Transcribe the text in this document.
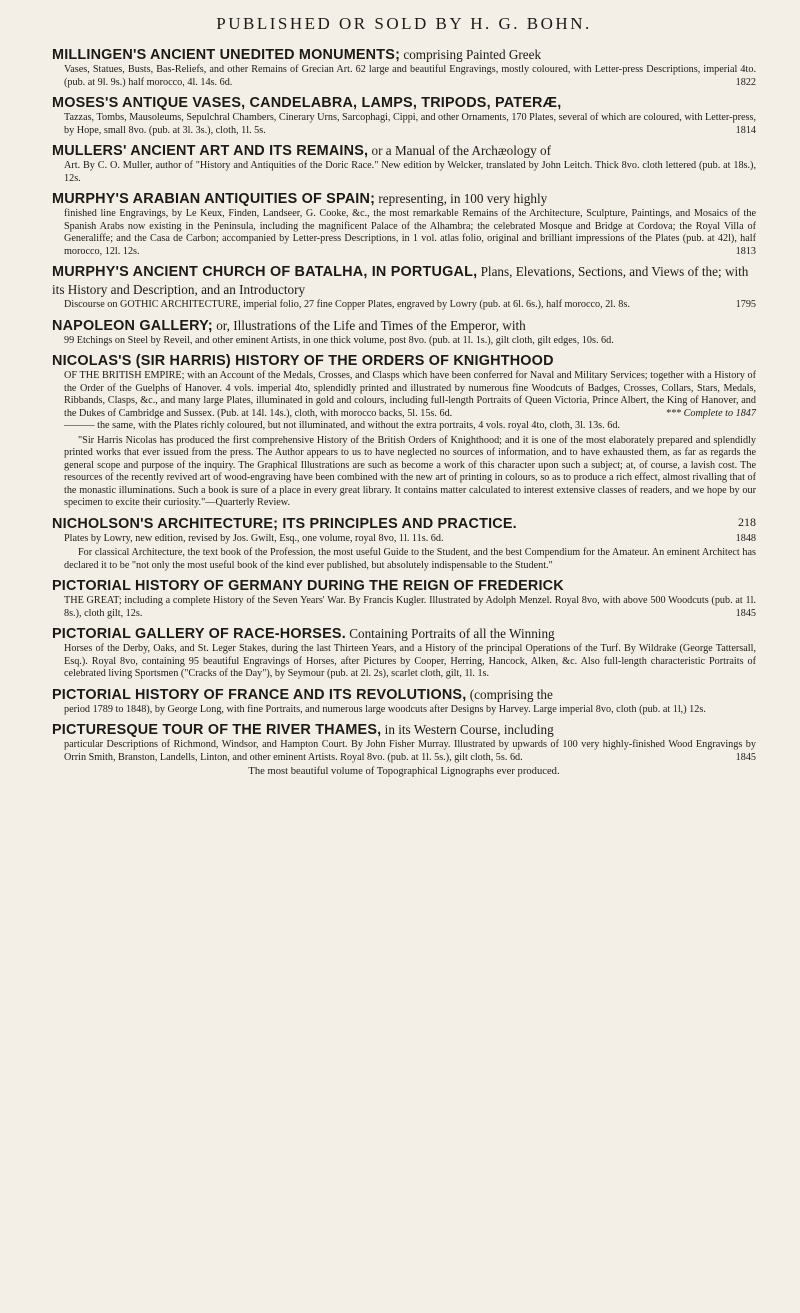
PUBLISHED OR SOLD BY H. G. BOHN.
MILLINGEN'S ANCIENT UNEDITED MONUMENTS; comprising Painted Greek

Vases, Statues, Busts, Bas-Reliefs, and other Remains of Grecian Art. 62 large and beautiful Engravings, mostly coloured, with Letter-press Descriptions, imperial 4to. (pub. at 9l. 9s.) half morocco, 4l. 14s. 6d.	1822

MOSES'S ANTIQUE VASES, CANDELABRA, LAMPS, TRIPODS, PATERÆ,

Tazzas, Tombs, Mausoleums, Sepulchral Chambers, Cinerary Urns, Sarcophagi, Cippi, and other Ornaments, 170 Plates, several of which are coloured, with Letter-press, by Hope, small 8vo. (pub. at 3l. 3s.), cloth, 1l. 5s.	1814

MULLERS' ANCIENT ART AND ITS REMAINS, or a Manual of the Archæology of

Art. By C. O. Muller, author of "History and Antiquities of the Doric Race." New edition by Welcker, translated by John Leitch. Thick 8vo. cloth lettered (pub. at 18s.), 12s.

MURPHY'S ARABIAN ANTIQUITIES OF SPAIN; representing, in 100 very highly

finished line Engravings, by Le Keux, Finden, Landseer, G. Cooke, &c., the most remarkable Remains of the Architecture, Sculpture, Paintings, and Mosaics of the Spanish Arabs now existing in the Peninsula, including the magnificent Palace of the Alhambra; the celebrated Mosque and Bridge at Cordova; the Royal Villa of Generaliffe; and the Casa de Carbon; accompanied by Letter-press Descriptions, in 1 vol. atlas folio, original and brilliant impressions of the Plates (pub. at 42l), half morocco, 12l. 12s.	1813

MURPHY'S ANCIENT CHURCH OF BATALHA, IN PORTUGAL, Plans, Elevations, Sections, and Views of the; with its History and Description, and an Introductory

Discourse on GOTHIC ARCHITECTURE, imperial folio, 27 fine Copper Plates, engraved by Lowry (pub. at 6l. 6s.), half morocco, 2l. 8s.	1795

NAPOLEON GALLERY; or, Illustrations of the Life and Times of the Emperor, with

99 Etchings on Steel by Reveil, and other eminent Artists, in one thick volume, post 8vo. (pub. at 1l. 1s.), gilt cloth, gilt edges, 10s. 6d.

NICOLAS'S (SIR HARRIS) HISTORY OF THE ORDERS OF KNIGHTHOOD

OF THE BRITISH EMPIRE; with an Account of the Medals, Crosses, and Clasps which have been conferred for Naval and Military Services; together with a History of the Order of the Guelphs of Hanover. 4 vols. imperial 4to, splendidly printed and illustrated by numerous fine Woodcuts of Badges, Crosses, Collars, Stars, Medals, Ribbands, Clasps, &c., and many large Plates, illuminated in gold and colours, including full-length Portraits of Queen Victoria, Prince Albert, the King of Hanover, and the Dukes of Cambridge and Sussex. (Pub. at 14l. 14s.), cloth, with morocco backs, 5l. 15s. 6d.	*** Complete to 1847

——— the same, with the Plates richly coloured, but not illuminated, and without the extra portraits, 4 vols. royal 4to, cloth, 3l. 13s. 6d.

"Sir Harris Nicolas has produced the first comprehensive History of the British Orders of Knighthood; and it is one of the most elaborately prepared and splendidly printed works that ever issued from the press. The Author appears to us to have neglected no sources of information, and to have exhausted them, as far as regards the general scope and purpose of the inquiry. The Graphical Illustrations are such as become a work of this character upon such a subject; at, of course, a lavish cost. The resources of the recently revived art of wood-engraving have been combined with the new art of printing in colours, so as to produce a rich effect, almost rivalling that of the monastic illuminations. Such a book is sure of a place in every great library. It contains matter calculated to interest extensive classes of readers, and we hope by our specimen to excite their curiosity."—Quarterly Review.

NICHOLSON'S ARCHITECTURE; ITS PRINCIPLES AND PRACTICE.	218

Plates by Lowry, new edition, revised by Jos. Gwilt, Esq., one volume, royal 8vo, 1l. 11s. 6d.	1848

For classical Architecture, the text book of the Profession, the most useful Guide to the Student, and the best Compendium for the Amateur. An eminent Architect has declared it to be "not only the most useful book of the kind ever published, but absolutely indispensable to the Student."

PICTORIAL HISTORY OF GERMANY DURING THE REIGN OF FREDERICK

THE GREAT; including a complete History of the Seven Years' War. By Francis Kugler. Illustrated by Adolph Menzel. Royal 8vo, with above 500 Woodcuts (pub. at 1l. 8s.), cloth gilt, 12s.	1845

PICTORIAL GALLERY OF RACE-HORSES. Containing Portraits of all the Winning

Horses of the Derby, Oaks, and St. Leger Stakes, during the last Thirteen Years, and a History of the principal Operations of the Turf. By Wildrake (George Tattersall, Esq.). Royal 8vo, containing 95 beautiful Engravings of Horses, after Pictures by Cooper, Herring, Hancock, Alken, &c. Also full-length characteristic Portraits of celebrated living Sportsmen ("Cracks of the Day"), by Seymour (pub. at 2l. 2s), scarlet cloth, gilt, 1l. 1s.

PICTORIAL HISTORY OF FRANCE AND ITS REVOLUTIONS, (comprising the

period 1789 to 1848), by George Long, with fine Portraits, and numerous large woodcuts after Designs by Harvey. Large imperial 8vo, cloth (pub. at 1l,) 12s.

PICTURESQUE TOUR OF THE RIVER THAMES, in its Western Course, including

particular Descriptions of Richmond, Windsor, and Hampton Court. By John Fisher Murray. Illustrated by upwards of 100 very highly-finished Wood Engravings by Orrin Smith, Branston, Landells, Linton, and other eminent Artists. Royal 8vo. (pub. at 1l. 5s.), gilt cloth, 5s. 6d.	1845

The most beautiful volume of Topographical Lignographs ever produced.
